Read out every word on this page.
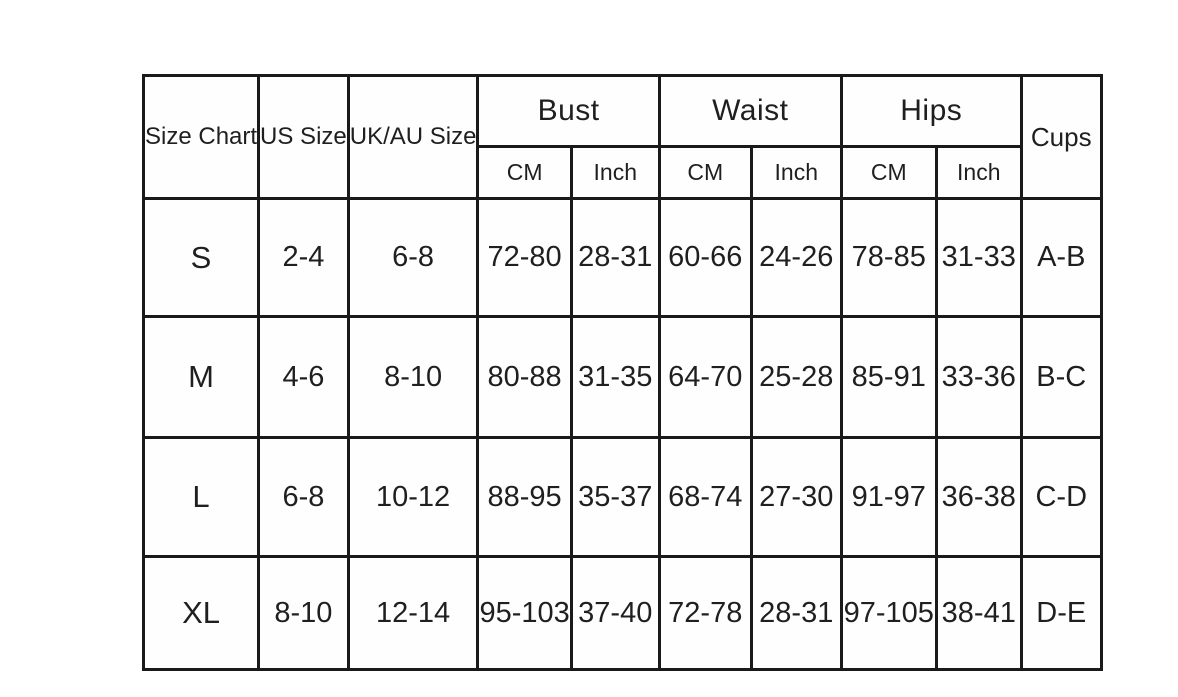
Size Chart	US Size	UK/AU Size	Bust		Waist		Hips		Cups
			CM	Inch	CM	Inch	CM	Inch	
S	2-4	6-8	72-80	28-31	60-66	24-26	78-85	31-33	A-B
M	4-6	8-10	80-88	31-35	64-70	25-28	85-91	33-36	B-C
L	6-8	10-12	88-95	35-37	68-74	27-30	91-97	36-38	C-D
XL	8-10	12-14	95-103	37-40	72-78	28-31	97-105	38-41	D-E
